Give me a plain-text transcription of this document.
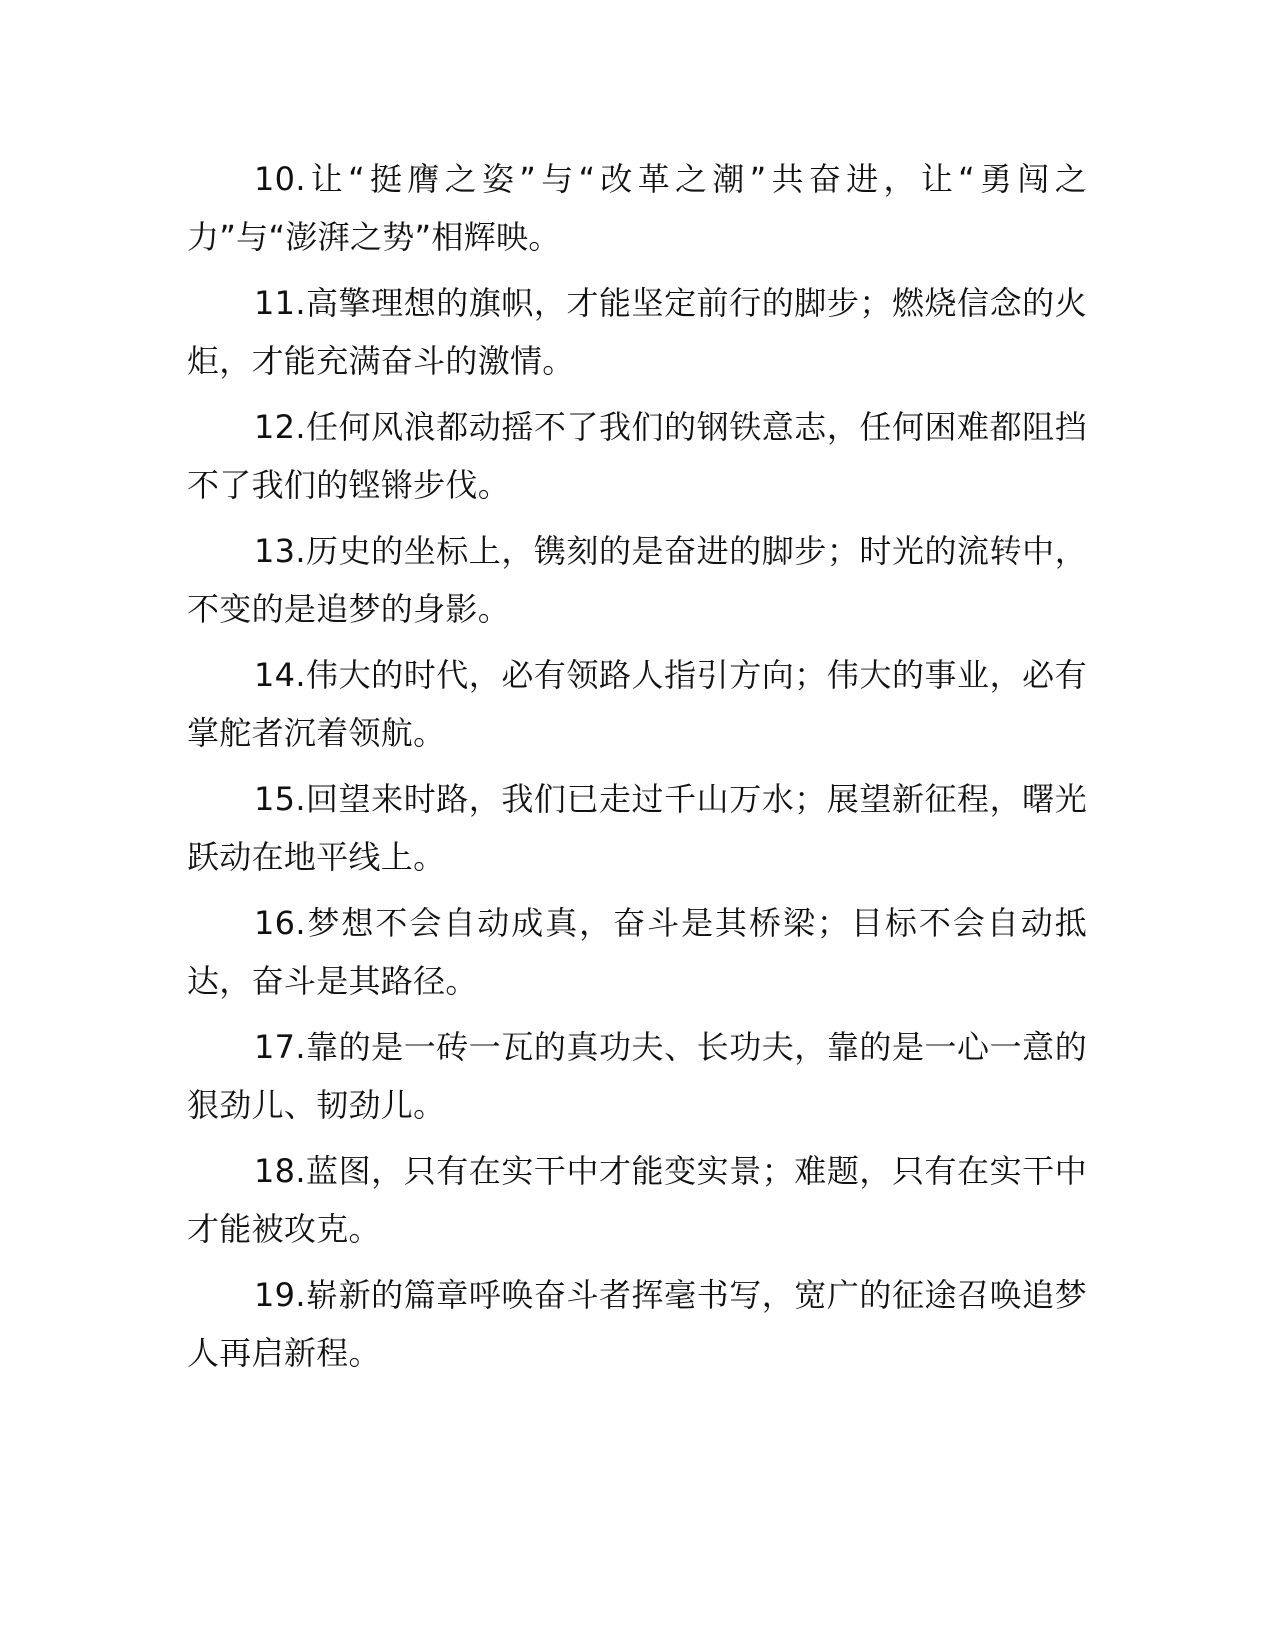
10.让“挺膺之姿”与“改革之潮”共奋进，让“勇闯之力”与“澎湃之势”相辉映。

11.高擎理想的旗帜，才能坚定前行的脚步；燃烧信念的火炬，才能充满奋斗的激情。

12.任何风浪都动摇不了我们的钢铁意志，任何困难都阻挡不了我们的铿锵步伐。

13.历史的坐标上，镌刻的是奋进的脚步；时光的流转中，不变的是追梦的身影。

14.伟大的时代，必有领路人指引方向；伟大的事业，必有掌舵者沉着领航。

15.回望来时路，我们已走过千山万水；展望新征程，曙光跃动在地平线上。

16.梦想不会自动成真，奋斗是其桥梁；目标不会自动抵达，奋斗是其路径。

17.靠的是一砖一瓦的真功夫、长功夫，靠的是一心一意的狠劲儿、韧劲儿。

18.蓝图，只有在实干中才能变实景；难题，只有在实干中才能被攻克。

19.崭新的篇章呼唤奋斗者挥毫书写，宽广的征途召唤追梦人再启新程。
